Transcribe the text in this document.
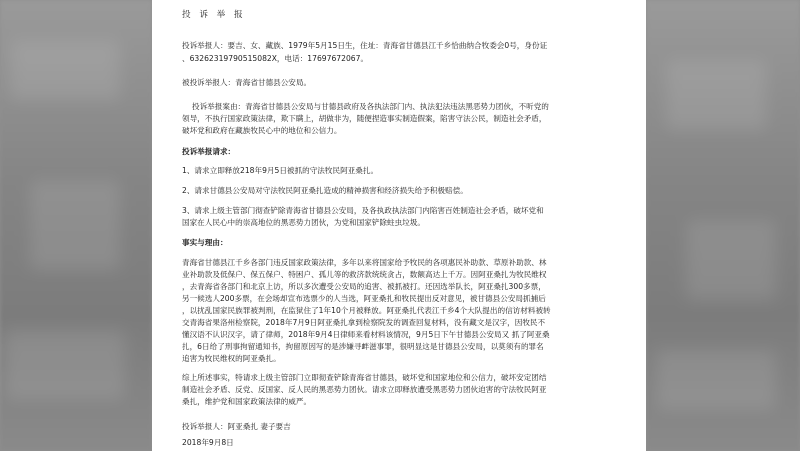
投 诉 举 报
投诉举报人：要吉、女、藏族、1979年5月15日生，住址：青海省甘德县江千乡恰曲纳合牧委会0号，身份证
、632623197905150​82X，电话：17697672067。
被投诉举报人：青海省甘德县公安局。
投诉举报案由：青海省甘德县公安局与甘德县政府及各执法部门内、执法犯法违法黑恶势力团伙，不听党的
领导，不执行国家政策法律，欺下瞒上，胡做非为，随便捏造事实制造假案，陷害守法公民，制造社会矛盾，
破坏党和政府在藏族牧民心中的地位和公信力。
投诉举报请求：
1、请求立即释放218年9月5日被抓的守法牧民阿亚桑扎。
2、请求甘德县公安局对守法牧民阿亚桑扎造成的精神损害和经济损失给予积极赔偿。
3、请求上级主管部门彻查铲除青海省甘德县公安局，及各执政执法部门内陷害百姓制造社会矛盾，破坏党和
国家在人民心中的崇高地位的黑恶势力团伙，为党和国家铲除蛀虫垃圾。
事实与理由：
青海省甘德县江千乡各部门违反国家政策法律，多年以来将国家给予牧民的各项惠民补助款、草原补助款、林
业补助款及低保户、保五保户、特困户、孤儿等的救济款统统贪占，数额高达上千万。因阿亚桑扎为牧民维权
，去青海省各部门和北京上访，所以多次遭受公安局的追害、被抓被打。还因选举队长，阿亚桑扎300多票，
另一候选人200多票，在会场却宣布选票少的人当选，阿亚桑扎和牧民提出反对意见，被甘德县公安局抓捕后
，以扰乱国家民族罪被判刑，在监狱住了1年10个月被释放。阿亚桑扎代表江千乡4个大队提出的信访材料被转
交青海省果洛州检察院，2018年7月9日阿亚桑扎拿到检察院发的调查回复材料，没有藏文是汉字，因牧民不
懂汉语不认识汉字，请了律师，2018年9月4日律师来看材料该情况，9月5日下午甘德县公安局又 抓了阿亚桑
扎，6日给了刑事拘留通知书，拘留原因写的是涉嫌寻衅滋事罪，很明显这是甘德县公安局，以莫须有的罪名
追害为牧民维权的阿亚桑扎。
综上所述事实，特请求上级主管部门立即彻查铲除青海省甘德县，破坏党和国家地位和公信力，破坏安定团结
制造社会矛盾、反党、反国家、反人民的黑恶势力团伙。请求立即释放遭受黑恶势力团伙迫害的守法牧民阿亚
桑扎，维护党和国家政策法律的威严。
投诉举报人：阿亚桑扎 妻子要吉
2018年9月8日
